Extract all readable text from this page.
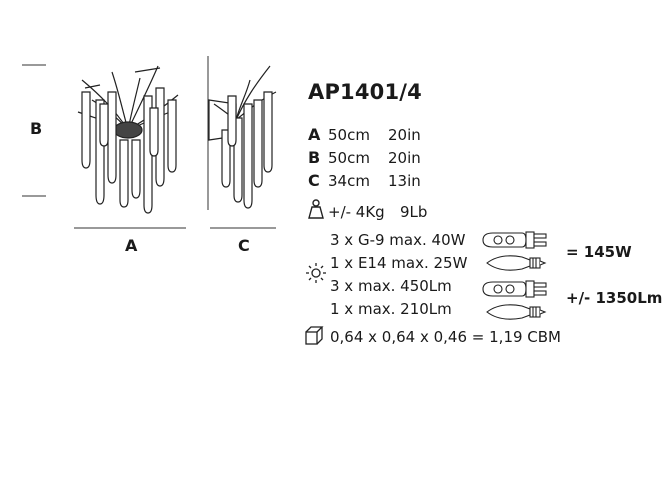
B
A	C
AP1401/4
A 50cm 20in
B 50cm 20in
C 34cm 13in
+/- 4Kg 9Lb
3 x G-9 max. 40W
1 x E14 max. 25W
3 x max. 450Lm
1 x max. 210Lm
= 145W
+/- 1350Lm
0,64 x 0,64 x 0,46 = 1,19 CBM
